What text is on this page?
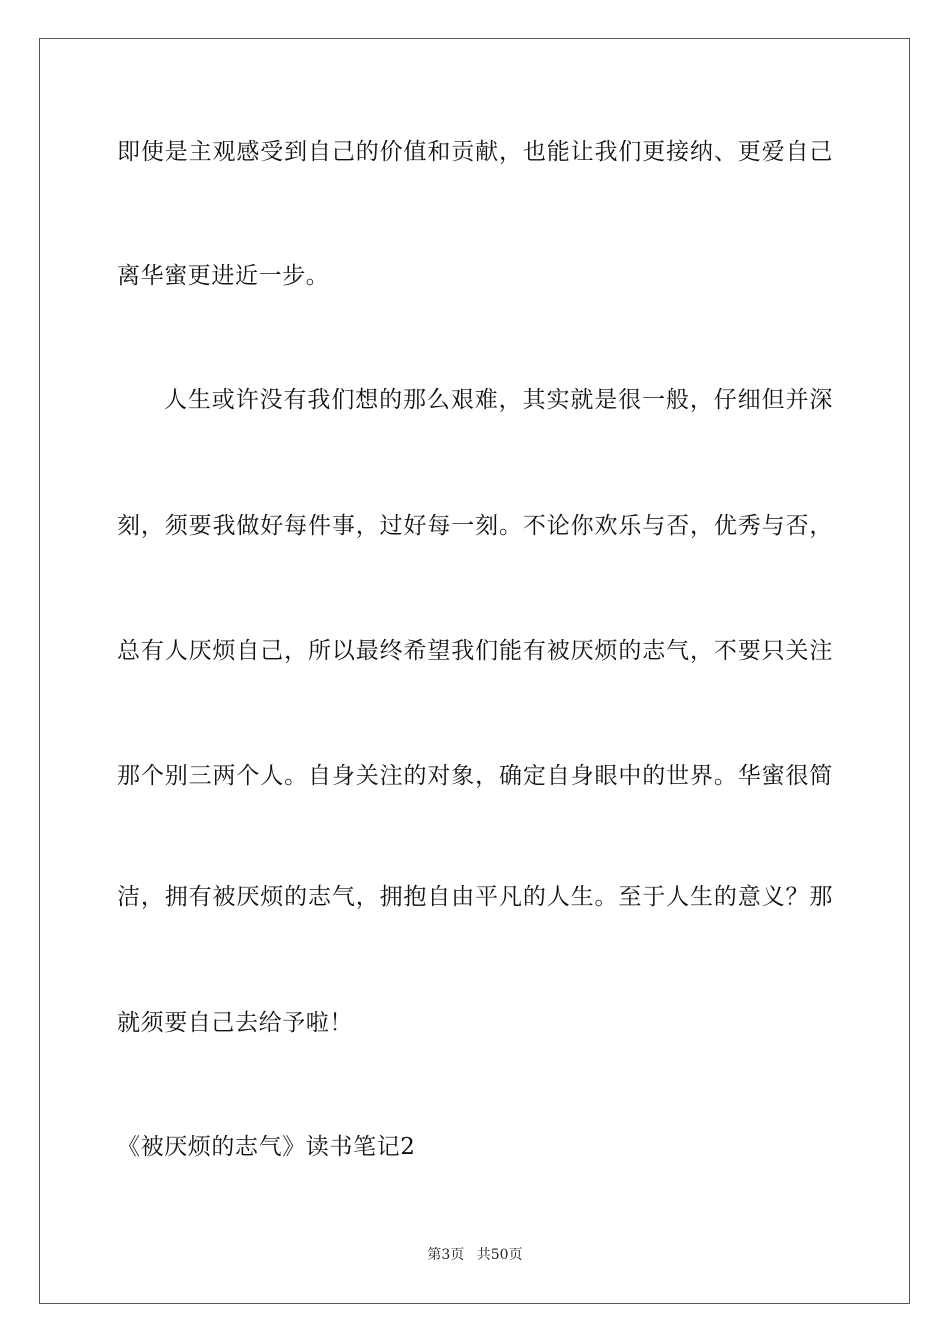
即使是主观感受到自己的价值和贡献，也能让我们更接纳、更爱自己
离华蜜更进近一步。
人生或许没有我们想的那么艰难，其实就是很一般，仔细但并深
刻，须要我做好每件事，过好每一刻。不论你欢乐与否，优秀与否，
总有人厌烦自己，所以最终希望我们能有被厌烦的志气，不要只关注
那个别三两个人。自身关注的对象，确定自身眼中的世界。华蜜很简
洁，拥有被厌烦的志气，拥抱自由平凡的人生。至于人生的意义？那
就须要自己去给予啦！
《被厌烦的志气》读书笔记2
第3页 共50页
